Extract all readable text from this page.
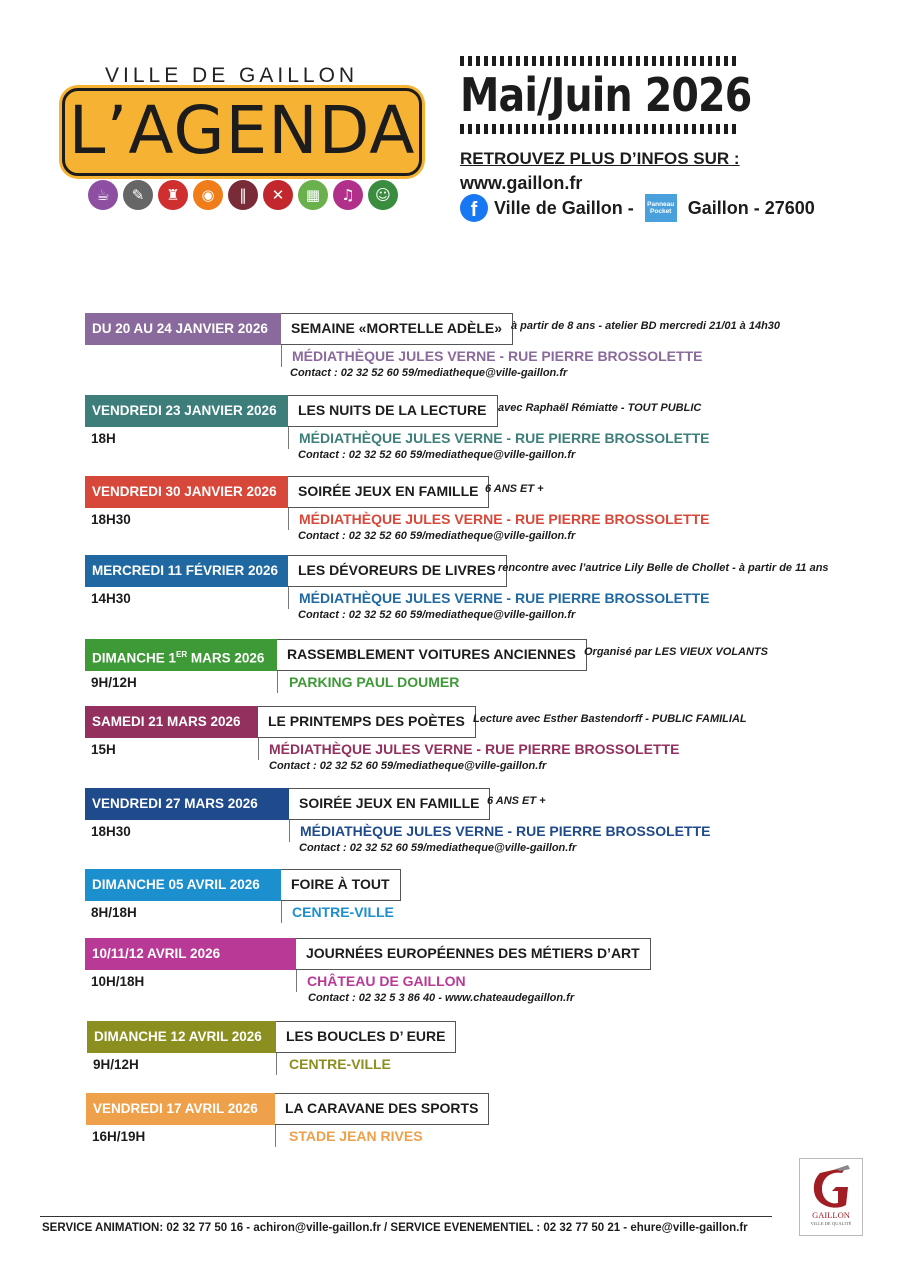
VILLE DE GAILLON
L’AGENDA
☕	✎	♜	◉	‖	✕	▦	♫	☺
Mai/Juin 2026
RETROUVEZ PLUS D’INFOS SUR :
www.gaillon.fr
f Ville de Gaillon - Panneau
Pocket Gaillon - 27600
DU 20 AU 24 JANVIER 2026	SEMAINE «MORTELLE ADÈLE» à partir de 8 ans - atelier BD mercredi 21/01 à 14h30
MÉDIATHÈQUE JULES VERNE - RUE PIERRE BROSSOLETTE
Contact : 02 32 52 60 59/mediatheque@ville-gaillon.fr
VENDREDI 23 JANVIER 2026	LES NUITS DE LA LECTURE	avec Raphaël Rémiatte - TOUT PUBLIC
18H	MÉDIATHÈQUE JULES VERNE - RUE PIERRE BROSSOLETTE
Contact : 02 32 52 60 59/mediatheque@ville-gaillon.fr
VENDREDI 30 JANVIER 2026	SOIRÉE JEUX EN FAMILLE 6 ANS ET +
18H30	MÉDIATHÈQUE JULES VERNE - RUE PIERRE BROSSOLETTE
Contact : 02 32 52 60 59/mediatheque@ville-gaillon.fr
MERCREDI 11 FÉVRIER 2026	LES DÉVOREURS DE LIVRES rencontre avec l’autrice Lily Belle de Chollet - à partir de 11 ans
14H30	MÉDIATHÈQUE JULES VERNE - RUE PIERRE BROSSOLETTE
Contact : 02 32 52 60 59/mediatheque@ville-gaillon.fr
DIMANCHE 1ER MARS 2026	RASSEMBLEMENT VOITURES ANCIENNES Organisé par LES VIEUX VOLANTS
9H/12H	PARKING PAUL DOUMER
SAMEDI 21 MARS 2026	LE PRINTEMPS DES POÈTES Lecture avec Esther Bastendorff - PUBLIC FAMILIAL
15H	MÉDIATHÈQUE JULES VERNE - RUE PIERRE BROSSOLETTE
Contact : 02 32 52 60 59/mediatheque@ville-gaillon.fr
VENDREDI 27 MARS 2026	SOIRÉE JEUX EN FAMILLE 6 ANS ET +
18H30	MÉDIATHÈQUE JULES VERNE - RUE PIERRE BROSSOLETTE
Contact : 02 32 52 60 59/mediatheque@ville-gaillon.fr
DIMANCHE 05 AVRIL 2026	FOIRE À TOUT
8H/18H	CENTRE-VILLE
10/11/12 AVRIL 2026	JOURNÉES EUROPÉENNES DES MÉTIERS D’ART
10H/18H	CHÂTEAU DE GAILLON
Contact : 02 32 5 3 86 40 - www.chateaudegaillon.fr
DIMANCHE 12 AVRIL 2026	LES BOUCLES D’ EURE
9H/12H	CENTRE-VILLE
VENDREDI 17 AVRIL 2026	LA CARAVANE DES SPORTS
16H/19H	STADE JEAN RIVES
GAILLON
VILLE DE QUALITÉ
SERVICE ANIMATION: 02 32 77 50 16 - achiron@ville-gaillon.fr / SERVICE EVENEMENTIEL : 02 32 77 50 21 - ehure@ville-gaillon.fr
